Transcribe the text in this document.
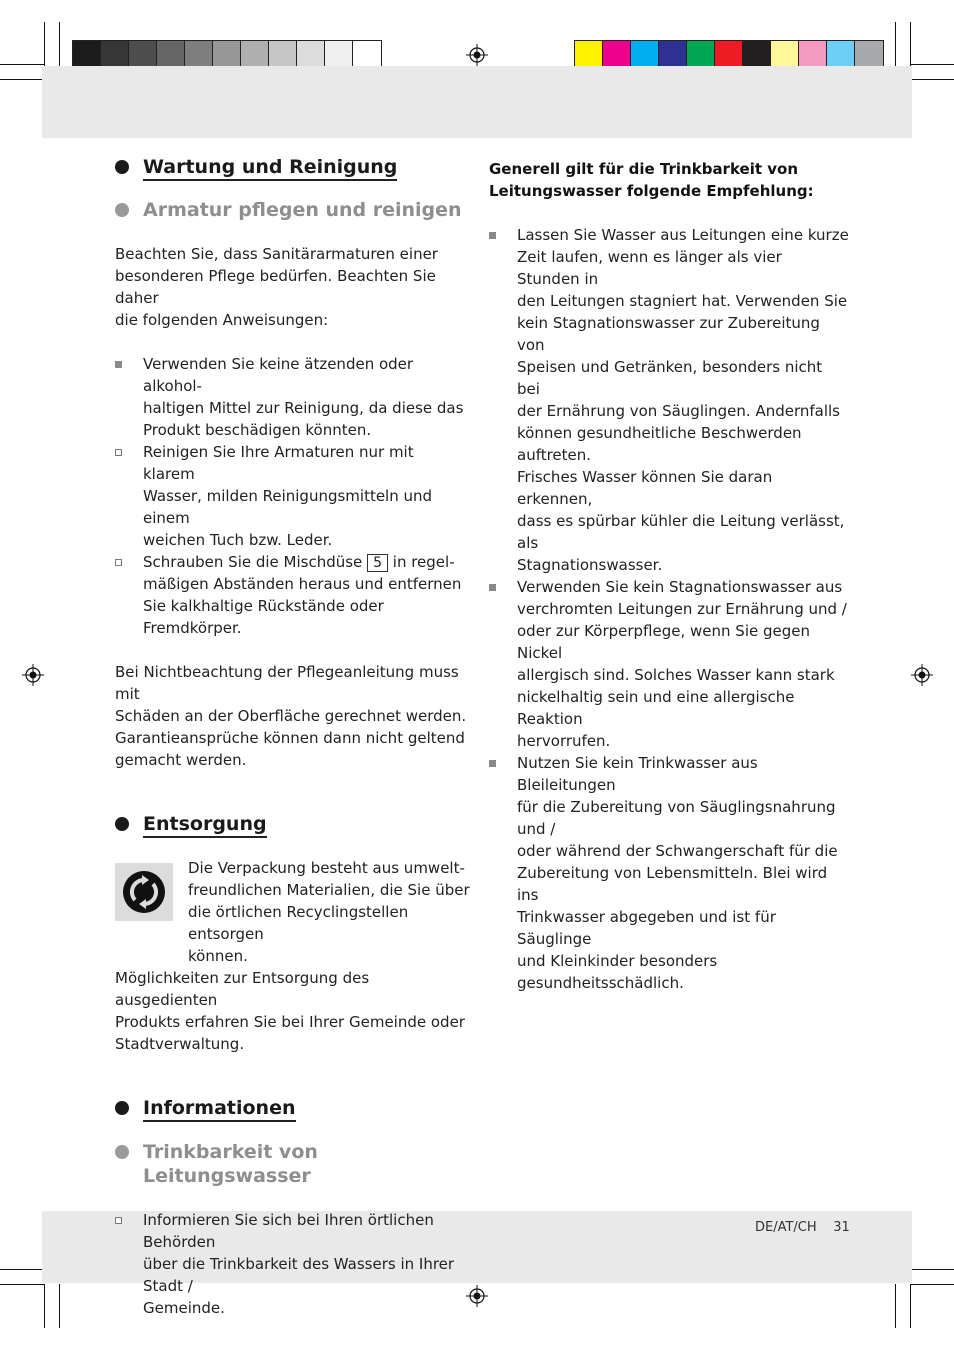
Wartung und Reinigung
Armatur pflegen und reinigen
Beachten Sie, dass Sanitärarmaturen einer
besonderen Pflege bedürfen. Beachten Sie daher
die folgenden Anweisungen:
Verwenden Sie keine ätzenden oder alkohol-
haltigen Mittel zur Reinigung, da diese das
Produkt beschädigen könnten.
Reinigen Sie Ihre Armaturen nur mit klarem
Wasser, milden Reinigungsmitteln und einem
weichen Tuch bzw. Leder.
Schrauben Sie die Mischdüse 5 in regel-
mäßigen Abständen heraus und entfernen
Sie kalkhaltige Rückstände oder Fremdkörper.
Bei Nichtbeachtung der Pflegeanleitung muss mit
Schäden an der Oberfläche gerechnet werden.
Garantieansprüche können dann nicht geltend
gemacht werden.
Entsorgung
Die Verpackung besteht aus umwelt-
freundlichen Materialien, die Sie über
die örtlichen Recyclingstellen entsorgen
können.
Möglichkeiten zur Entsorgung des ausgedienten
Produkts erfahren Sie bei Ihrer Gemeinde oder
Stadtverwaltung.
Informationen
Trinkbarkeit von Leitungswasser
Informieren Sie sich bei Ihren örtlichen Behörden
über die Trinkbarkeit des Wassers in Ihrer Stadt /
Gemeinde.
Generell gilt für die Trinkbarkeit von
Leitungswasser folgende Empfehlung:
Lassen Sie Wasser aus Leitungen eine kurze
Zeit laufen, wenn es länger als vier Stunden in
den Leitungen stagniert hat. Verwenden Sie
kein Stagnationswasser zur Zubereitung von
Speisen und Getränken, besonders nicht bei
der Ernährung von Säuglingen. Andernfalls
können gesundheitliche Beschwerden auftreten.
Frisches Wasser können Sie daran erkennen,
dass es spürbar kühler die Leitung verlässt, als
Stagnationswasser.
Verwenden Sie kein Stagnationswasser aus
verchromten Leitungen zur Ernährung und /
oder zur Körperpflege, wenn Sie gegen Nickel
allergisch sind. Solches Wasser kann stark
nickelhaltig sein und eine allergische Reaktion
hervorrufen.
Nutzen Sie kein Trinkwasser aus Bleileitungen
für die Zubereitung von Säuglingsnahrung und /
oder während der Schwangerschaft für die
Zubereitung von Lebensmitteln. Blei wird ins
Trinkwasser abgegeben und ist für Säuglinge
und Kleinkinder besonders gesundheitsschädlich.
DE/AT/CH 31
